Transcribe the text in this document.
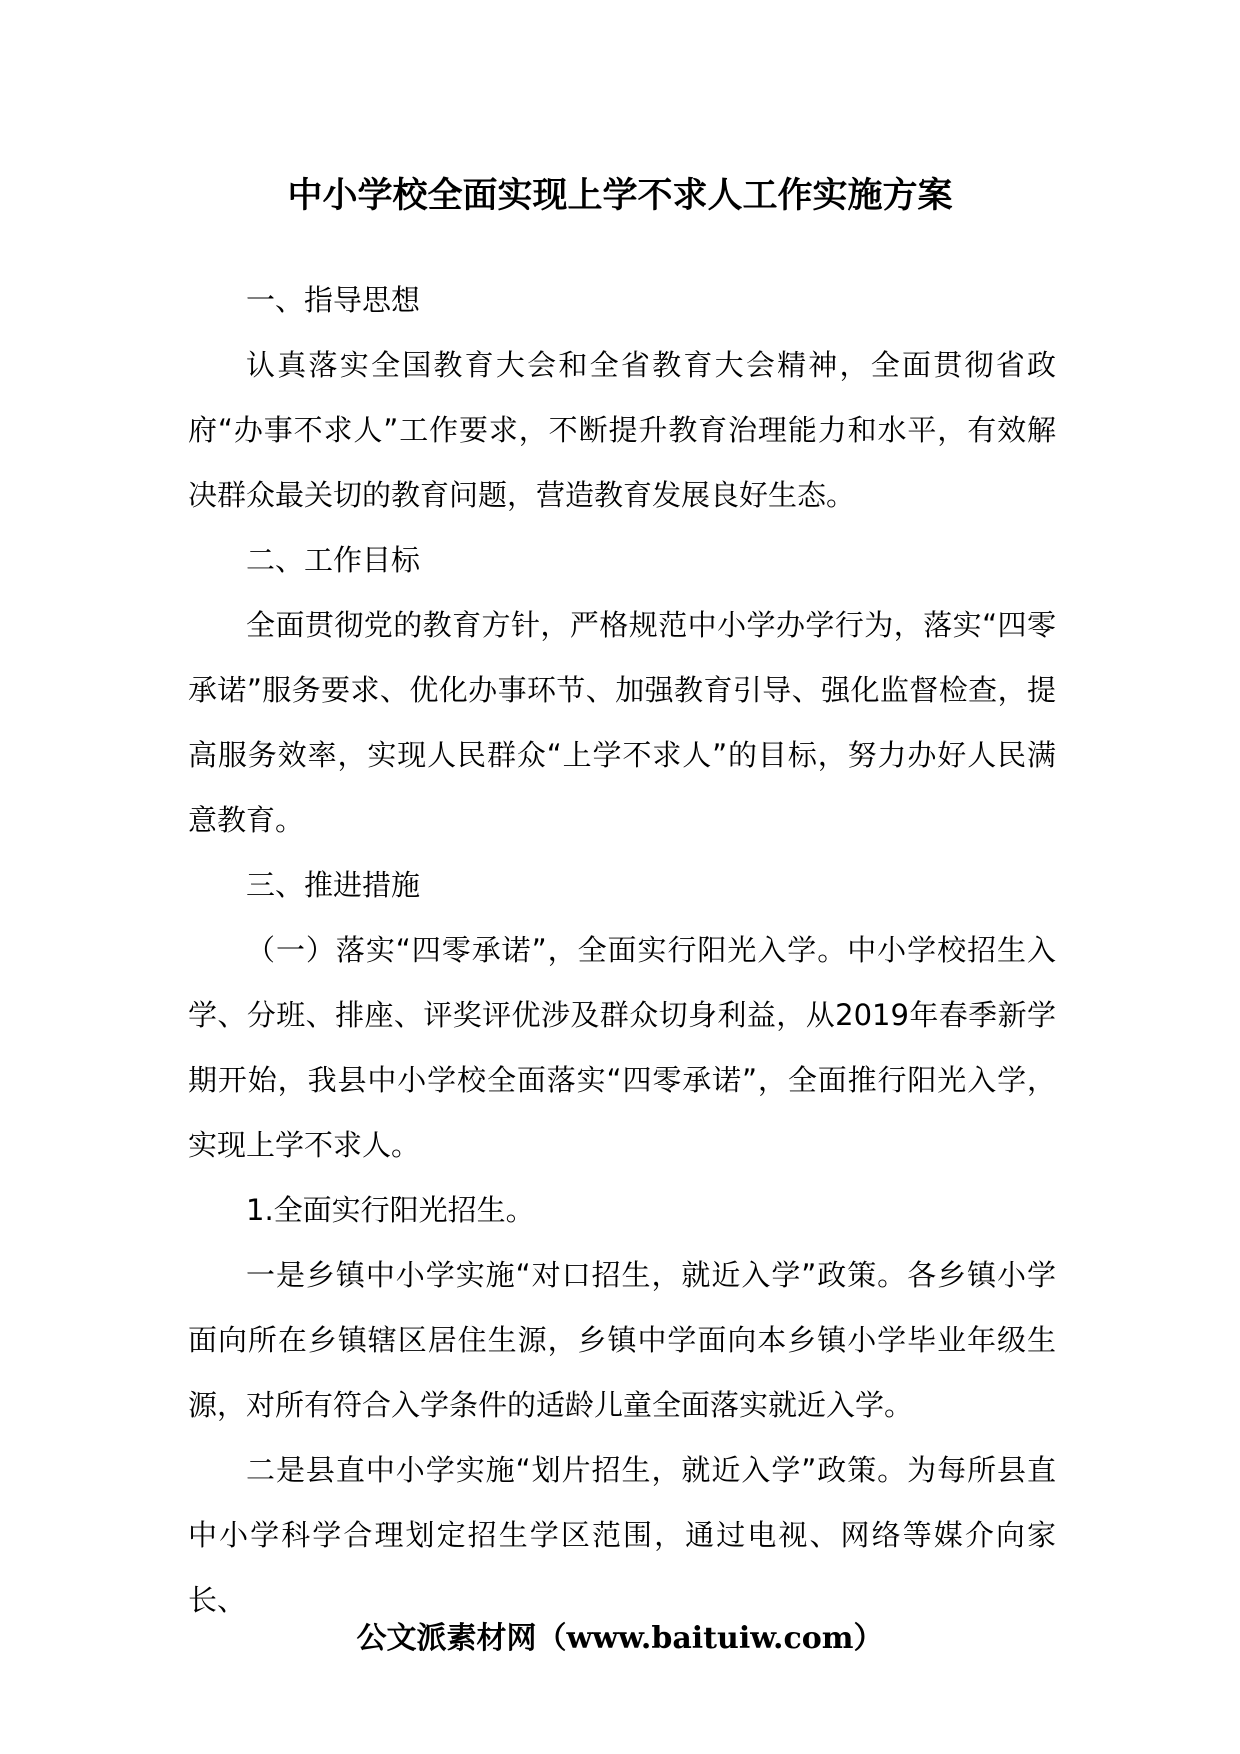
中小学校全面实现上学不求人工作实施方案

一、指导思想

认真落实全国教育大会和全省教育大会精神，全面贯彻省政府“办事不求人”工作要求，不断提升教育治理能力和水平，有效解决群众最关切的教育问题，营造教育发展良好生态。

二、工作目标

全面贯彻党的教育方针，严格规范中小学办学行为，落实“四零承诺”服务要求、优化办事环节、加强教育引导、强化监督检查，提高服务效率，实现人民群众“上学不求人”的目标，努力办好人民满意教育。

三、推进措施

（一）落实“四零承诺”，全面实行阳光入学。中小学校招生入学、分班、排座、评奖评优涉及群众切身利益，从2019年春季新学期开始，我县中小学校全面落实“四零承诺”，全面推行阳光入学，实现上学不求人。

1.全面实行阳光招生。

一是乡镇中小学实施“对口招生，就近入学”政策。各乡镇小学面向所在乡镇辖区居住生源，乡镇中学面向本乡镇小学毕业年级生源，对所有符合入学条件的适龄儿童全面落实就近入学。

二是县直中小学实施“划片招生，就近入学”政策。为每所县直中小学科学合理划定招生学区范围，通过电视、网络等媒介向家长、

公文派素材网（www.baituiw.com）
